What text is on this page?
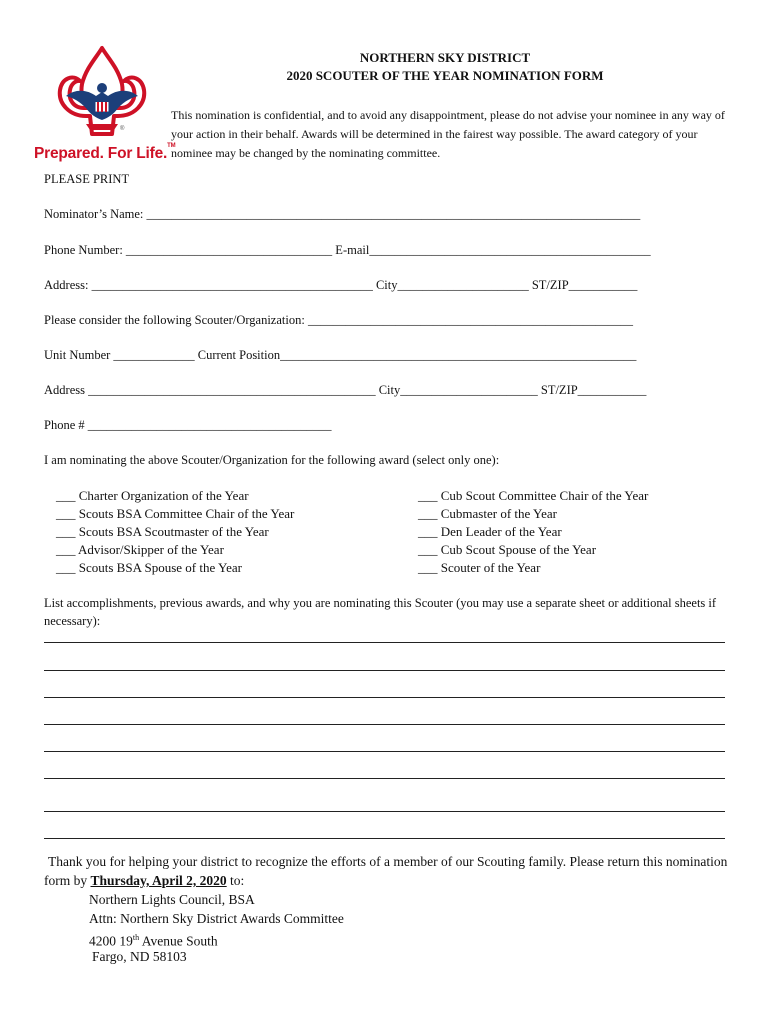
®
Prepared. For Life.™
NORTHERN SKY DISTRICT
2020 SCOUTER OF THE YEAR NOMINATION FORM
This nomination is confidential, and to avoid any disappointment, please do not advise your nominee in any way of your action in their behalf. Awards will be determined in the fairest way possible. The award category of your nominee may be changed by the nominating committee.
PLEASE PRINT
Nominator’s Name: _______________________________________________________________________________
Phone Number: _________________________________ E-mail_____________________________________________
Address: _____________________________________________ City_____________________ ST/ZIP___________
Please consider the following Scouter/Organization: ____________________________________________________
Unit Number _____________ Current Position_________________________________________________________
Address ______________________________________________ City______________________ ST/ZIP___________
Phone # _______________________________________
I am nominating the above Scouter/Organization for the following award (select only one):
___ Charter Organization of the Year
___ Scouts BSA Committee Chair of the Year
___ Scouts BSA Scoutmaster of the Year
___ Advisor/Skipper of the Year
___ Scouts BSA Spouse of the Year
___ Cub Scout Committee Chair of the Year
___ Cubmaster of the Year
___ Den Leader of the Year
___ Cub Scout Spouse of the Year
___ Scouter of the Year
List accomplishments, previous awards, and why you are nominating this Scouter (you may use a separate sheet or additional sheets if necessary):
Thank you for helping your district to recognize the efforts of a member of our Scouting family. Please return this nomination form by Thursday, April 2, 2020 to:
Northern Lights Council, BSA
Attn: Northern Sky District Awards Committee
4200 19th Avenue South
Fargo, ND 58103
